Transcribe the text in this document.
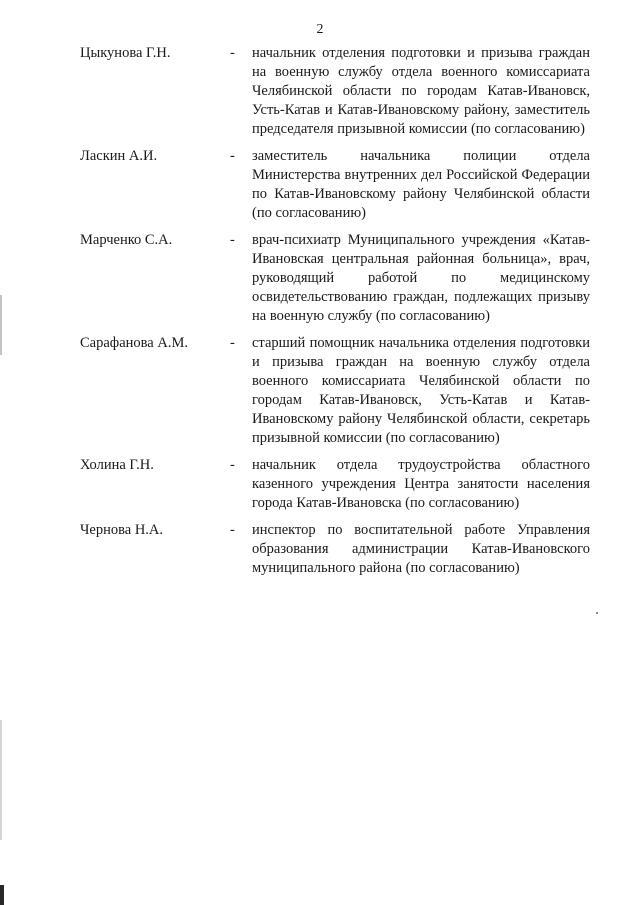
2
Цыкунова Г.Н.	-	начальник отделения подготовки и призыва граждан на военную службу отдела военного комиссариата Челябинской области по городам Катав-Ивановск, Усть-Катав и Катав-Ивановскому району, заместитель председателя призывной комиссии (по согласованию)
Ласкин А.И.	-	заместитель начальника полиции отдела Министерства внутренних дел Российской Федерации по Катав-Ивановскому району Челябинской области (по согласованию)
Марченко С.А.	-	врач-психиатр Муниципального учреждения «Катав-Ивановская центральная районная больница», врач, руководящий работой по медицинскому освидетельствованию граждан, подлежащих призыву на военную службу (по согласованию)
Сарафанова А.М.	-	старший помощник начальника отделения подготовки и призыва граждан на военную службу отдела военного комиссариата Челябинской области по городам Катав-Ивановск, Усть-Катав и Катав-Ивановскому району Челябинской области, секретарь призывной комиссии (по согласованию)
Холина Г.Н.	-	начальник отдела трудоустройства областного казенного учреждения Центра занятости населения города Катав-Ивановска (по согласованию)
Чернова Н.А.	-	инспектор по воспитательной работе Управления образования администрации Катав-Ивановского муниципального района (по согласованию)
